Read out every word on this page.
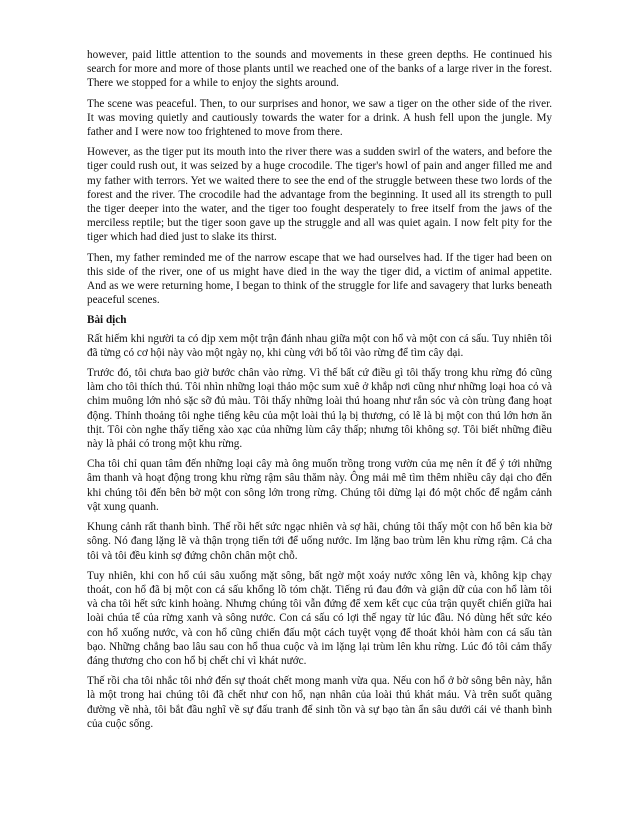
however, paid little attention to the sounds and movements in these green depths. He continued his search for more and more of those plants until we reached one of the banks of a large river in the forest. There we stopped for a while to enjoy the sights around.

The scene was peaceful. Then, to our surprises and honor, we saw a tiger on the other side of the river. It was moving quietly and cautiously towards the water for a drink. A hush fell upon the jungle. My father and I were now too frightened to move from there.

However, as the tiger put its mouth into the river there was a sudden swirl of the waters, and before the tiger could rush out, it was seized by a huge crocodile. The tiger's howl of pain and anger filled me and my father with terrors. Yet we waited there to see the end of the struggle between these two lords of the forest and the river. The crocodile had the advantage from the beginning. It used all its strength to pull the tiger deeper into the water, and the tiger too fought desperately to free itself from the jaws of the merciless reptile; but the tiger soon gave up the struggle and all was quiet again. I now felt pity for the tiger which had died just to slake its thirst.

Then, my father reminded me of the narrow escape that we had ourselves had. If the tiger had been on this side of the river, one of us might have died in the way the tiger did, a victim of animal appetite. And as we were returning home, I began to think of the struggle for life and savagery that lurks beneath peaceful scenes.

Bài dịch

Rất hiếm khi người ta có dịp xem một trận đánh nhau giữa một con hổ và một con cá sấu. Tuy nhiên tôi đã từng có cơ hội này vào một ngày nọ, khi cùng với bố tôi vào rừng để tìm cây dại.

Trước đó, tôi chưa bao giờ bước chân vào rừng. Vì thế bất cứ điều gì tôi thấy trong khu rừng đó cũng làm cho tôi thích thú. Tôi nhìn những loại thảo mộc sum xuê ở khắp nơi cũng như những loại hoa cỏ và chim muông lớn nhỏ sặc sỡ đủ màu. Tôi thấy những loài thú hoang như rắn sóc và còn trùng đang hoạt động. Thỉnh thoảng tôi nghe tiếng kêu của một loài thú lạ bị thương, có lẽ là bị một con thú lớn hơn ăn thịt. Tôi còn nghe thấy tiếng xào xạc của những lùm cây thấp; nhưng tôi không sợ. Tôi biết những điều này là phải có trong một khu rừng.

Cha tôi chỉ quan tâm đến những loại cây mà ông muốn trồng trong vườn của mẹ nên ít để ý tới những âm thanh và hoạt động trong khu rừng rậm sâu thăm này. Ông mải mê tìm thêm nhiều cây dại cho đến khi chúng tôi đến bên bờ một con sông lớn trong rừng. Chúng tôi dừng lại đó một chốc để ngắm cảnh vật xung quanh.

Khung cảnh rất thanh bình. Thế rồi hết sức ngạc nhiên và sợ hãi, chúng tôi thấy một con hổ bên kia bờ sông. Nó đang lặng lẽ và thận trọng tiến tới để uống nước. Im lặng bao trùm lên khu rừng rậm. Cả cha tôi và tôi đều kinh sợ đứng chôn chân một chỗ.

Tuy nhiên, khi con hổ cúi sâu xuống mặt sông, bất ngờ một xoáy nước xông lên và, không kịp chạy thoát, con hổ đã bị một con cá sấu khổng lồ tóm chặt. Tiếng rú đau đớn và giận dữ của con hổ làm tôi và cha tôi hết sức kinh hoàng. Nhưng chúng tôi vẫn đứng để xem kết cục của trận quyết chiến giữa hai loài chúa tể của rừng xanh và sông nước. Con cá sấu có lợi thế ngay từ lúc đầu. Nó dùng hết sức kéo con hổ xuống nước, và con hổ cũng chiến đấu một cách tuyệt vọng để thoát khỏi hàm con cá sấu tàn bạo. Những chẳng bao lâu sau con hổ thua cuộc và im lặng lại trùm lên khu rừng. Lúc đó tôi cảm thấy đáng thương cho con hổ bị chết chỉ vì khát nước.

Thế rồi cha tôi nhắc tôi nhớ đến sự thoát chết mong manh vừa qua. Nếu con hổ ở bờ sông bên này, hẳn là một trong hai chúng tôi đã chết như con hổ, nạn nhân của loài thú khát máu. Và trên suốt quãng đường về nhà, tôi bắt đầu nghĩ về sự đấu tranh để sinh tồn và sự bạo tàn ẩn sâu dưới cái vẻ thanh bình của cuộc sống.
